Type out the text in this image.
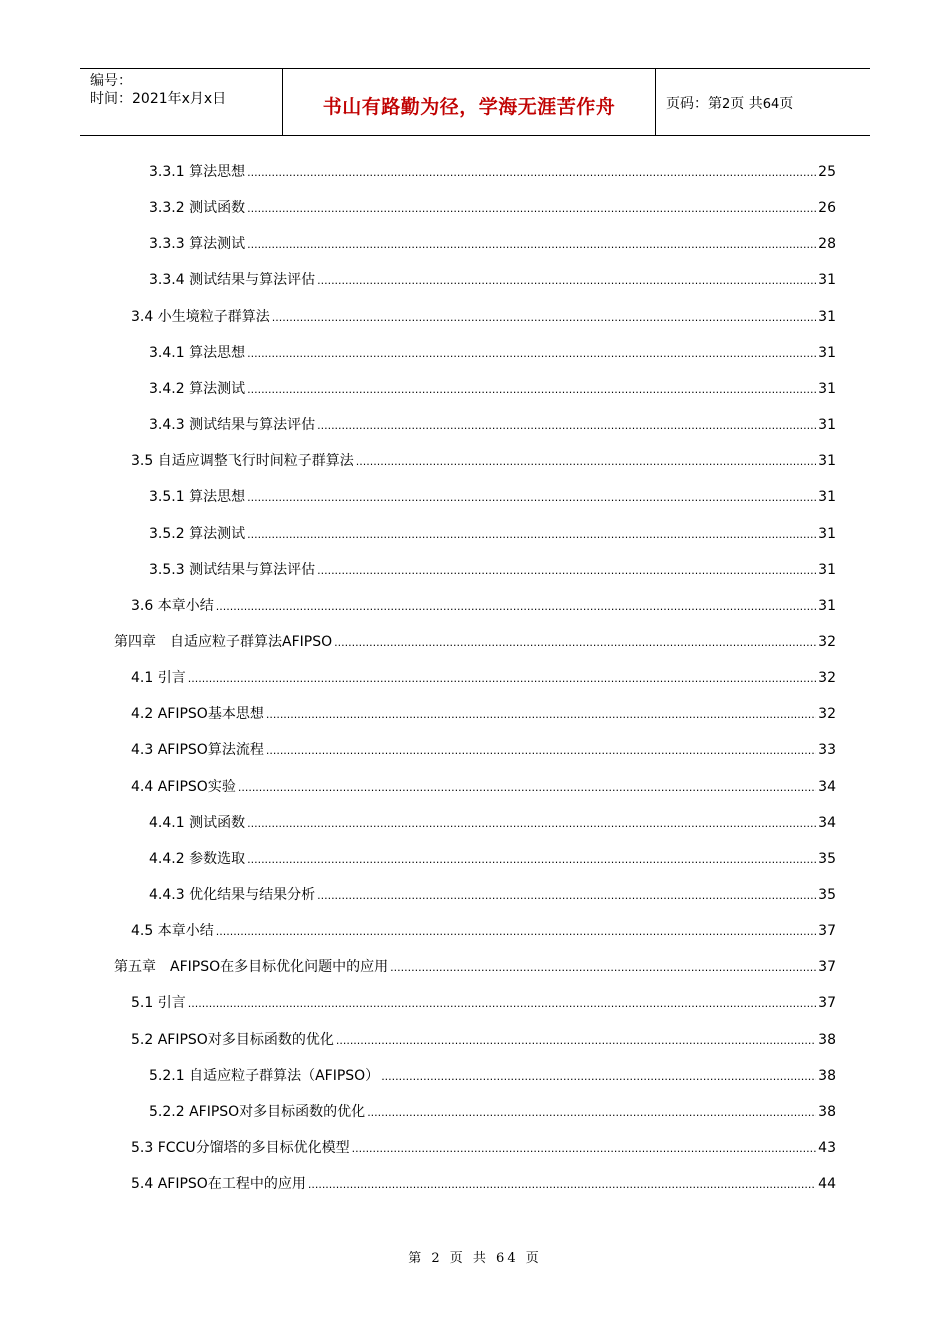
编号：
时间：2021年x月x日	书山有路勤为径，学海无涯苦作舟	页码：第2页 共64页
3.3.1 算法思想 .....	25
3.3.2 测试函数 .....	26
3.3.3 算法测试 .....	28
3.3.4 测试结果与算法评估 .....	31
3.4 小生境粒子群算法 .....	31
3.4.1 算法思想 .....	31
3.4.2 算法测试 .....	31
3.4.3 测试结果与算法评估 .....	31
3.5 自适应调整飞行时间粒子群算法 .....	31
3.5.1 算法思想 .....	31
3.5.2 算法测试 .....	31
3.5.3 测试结果与算法评估 .....	31
3.6 本章小结 .....	31
第四章　自适应粒子群算法AFIPSO .....	32
4.1 引言 .....	32
4.2 AFIPSO基本思想 .....	32
4.3 AFIPSO算法流程 .....	33
4.4 AFIPSO实验 .....	34
4.4.1 测试函数 .....	34
4.4.2 参数选取 .....	35
4.4.3 优化结果与结果分析 .....	35
4.5 本章小结 .....	37
第五章　AFIPSO在多目标优化问题中的应用 .....	37
5.1 引言 .....	37
5.2 AFIPSO对多目标函数的优化 .....	38
5.2.1 自适应粒子群算法（AFIPSO） .....	38
5.2.2 AFIPSO对多目标函数的优化 .....	38
5.3 FCCU分馏塔的多目标优化模型 .....	43
5.4 AFIPSO在工程中的应用 .....	44
第 2 页 共 64 页
